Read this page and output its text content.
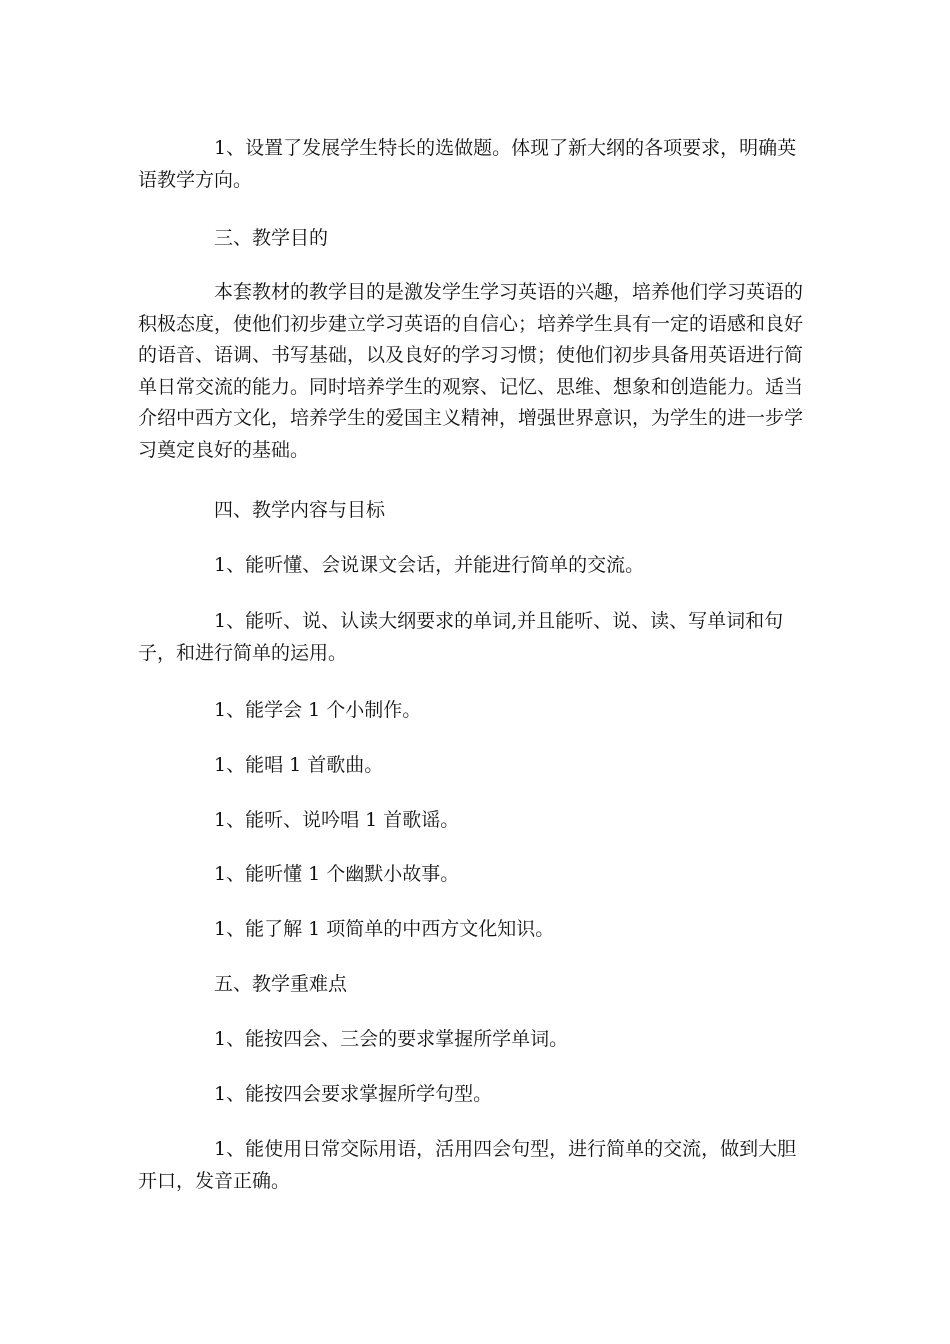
1、设置了发展学生特长的选做题。体现了新大纲的各项要求，明确英语教学方向。

三、教学目的

本套教材的教学目的是激发学生学习英语的兴趣，培养他们学习英语的积极态度，使他们初步建立学习英语的自信心；培养学生具有一定的语感和良好的语音、语调、书写基础，以及良好的学习习惯；使他们初步具备用英语进行简单日常交流的能力。同时培养学生的观察、记忆、思维、想象和创造能力。适当介绍中西方文化，培养学生的爱国主义精神，增强世界意识，为学生的进一步学习奠定良好的基础。

四、教学内容与目标

1、能听懂、会说课文会话，并能进行简单的交流。

1、能听、说、认读大纲要求的单词,并且能听、说、读、写单词和句子，和进行简单的运用。

1、能学会 1 个小制作。

1、能唱 1 首歌曲。

1、能听、说吟唱 1 首歌谣。

1、能听懂 1 个幽默小故事。

1、能了解 1 项简单的中西方文化知识。

五、教学重难点

1、能按四会、三会的要求掌握所学单词。

1、能按四会要求掌握所学句型。

1、能使用日常交际用语，活用四会句型，进行简单的交流，做到大胆开口，发音正确。
